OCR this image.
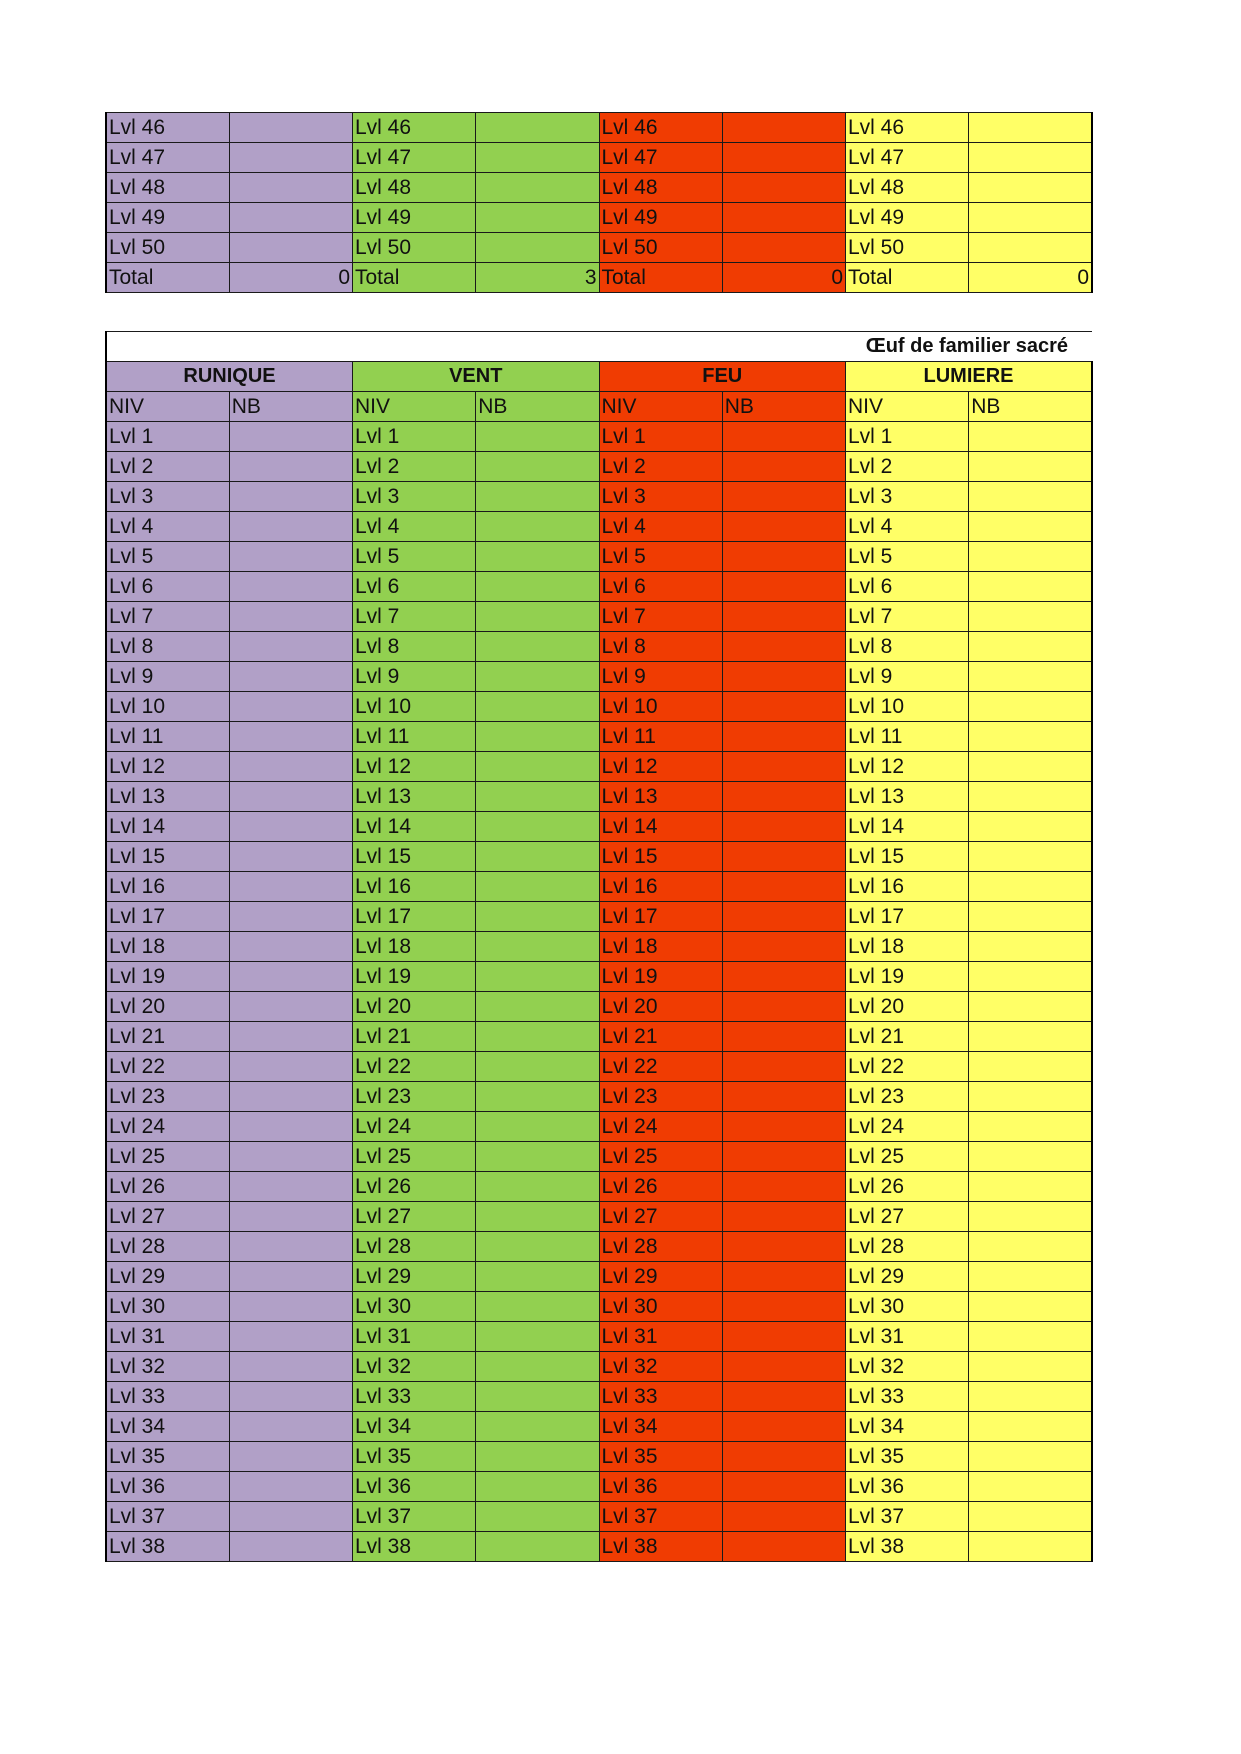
Lvl 46		Lvl 46		Lvl 46		Lvl 46	
Lvl 47		Lvl 47		Lvl 47		Lvl 47	
Lvl 48		Lvl 48		Lvl 48		Lvl 48	
Lvl 49		Lvl 49		Lvl 49		Lvl 49	
Lvl 50		Lvl 50		Lvl 50		Lvl 50	
Total	0	Total	3	Total	0	Total	0
Œuf de familier sacré							
RUNIQUE		VENT		FEU		LUMIERE	
NIV	NB	NIV	NB	NIV	NB	NIV	NB
Lvl 1		Lvl 1		Lvl 1		Lvl 1	
Lvl 2		Lvl 2		Lvl 2		Lvl 2	
Lvl 3		Lvl 3		Lvl 3		Lvl 3	
Lvl 4		Lvl 4		Lvl 4		Lvl 4	
Lvl 5		Lvl 5		Lvl 5		Lvl 5	
Lvl 6		Lvl 6		Lvl 6		Lvl 6	
Lvl 7		Lvl 7		Lvl 7		Lvl 7	
Lvl 8		Lvl 8		Lvl 8		Lvl 8	
Lvl 9		Lvl 9		Lvl 9		Lvl 9	
Lvl 10		Lvl 10		Lvl 10		Lvl 10	
Lvl 11		Lvl 11		Lvl 11		Lvl 11	
Lvl 12		Lvl 12		Lvl 12		Lvl 12	
Lvl 13		Lvl 13		Lvl 13		Lvl 13	
Lvl 14		Lvl 14		Lvl 14		Lvl 14	
Lvl 15		Lvl 15		Lvl 15		Lvl 15	
Lvl 16		Lvl 16		Lvl 16		Lvl 16	
Lvl 17		Lvl 17		Lvl 17		Lvl 17	
Lvl 18		Lvl 18		Lvl 18		Lvl 18	
Lvl 19		Lvl 19		Lvl 19		Lvl 19	
Lvl 20		Lvl 20		Lvl 20		Lvl 20	
Lvl 21		Lvl 21		Lvl 21		Lvl 21	
Lvl 22		Lvl 22		Lvl 22		Lvl 22	
Lvl 23		Lvl 23		Lvl 23		Lvl 23	
Lvl 24		Lvl 24		Lvl 24		Lvl 24	
Lvl 25		Lvl 25		Lvl 25		Lvl 25	
Lvl 26		Lvl 26		Lvl 26		Lvl 26	
Lvl 27		Lvl 27		Lvl 27		Lvl 27	
Lvl 28		Lvl 28		Lvl 28		Lvl 28	
Lvl 29		Lvl 29		Lvl 29		Lvl 29	
Lvl 30		Lvl 30		Lvl 30		Lvl 30	
Lvl 31		Lvl 31		Lvl 31		Lvl 31	
Lvl 32		Lvl 32		Lvl 32		Lvl 32	
Lvl 33		Lvl 33		Lvl 33		Lvl 33	
Lvl 34		Lvl 34		Lvl 34		Lvl 34	
Lvl 35		Lvl 35		Lvl 35		Lvl 35	
Lvl 36		Lvl 36		Lvl 36		Lvl 36	
Lvl 37		Lvl 37		Lvl 37		Lvl 37	
Lvl 38		Lvl 38		Lvl 38		Lvl 38	
